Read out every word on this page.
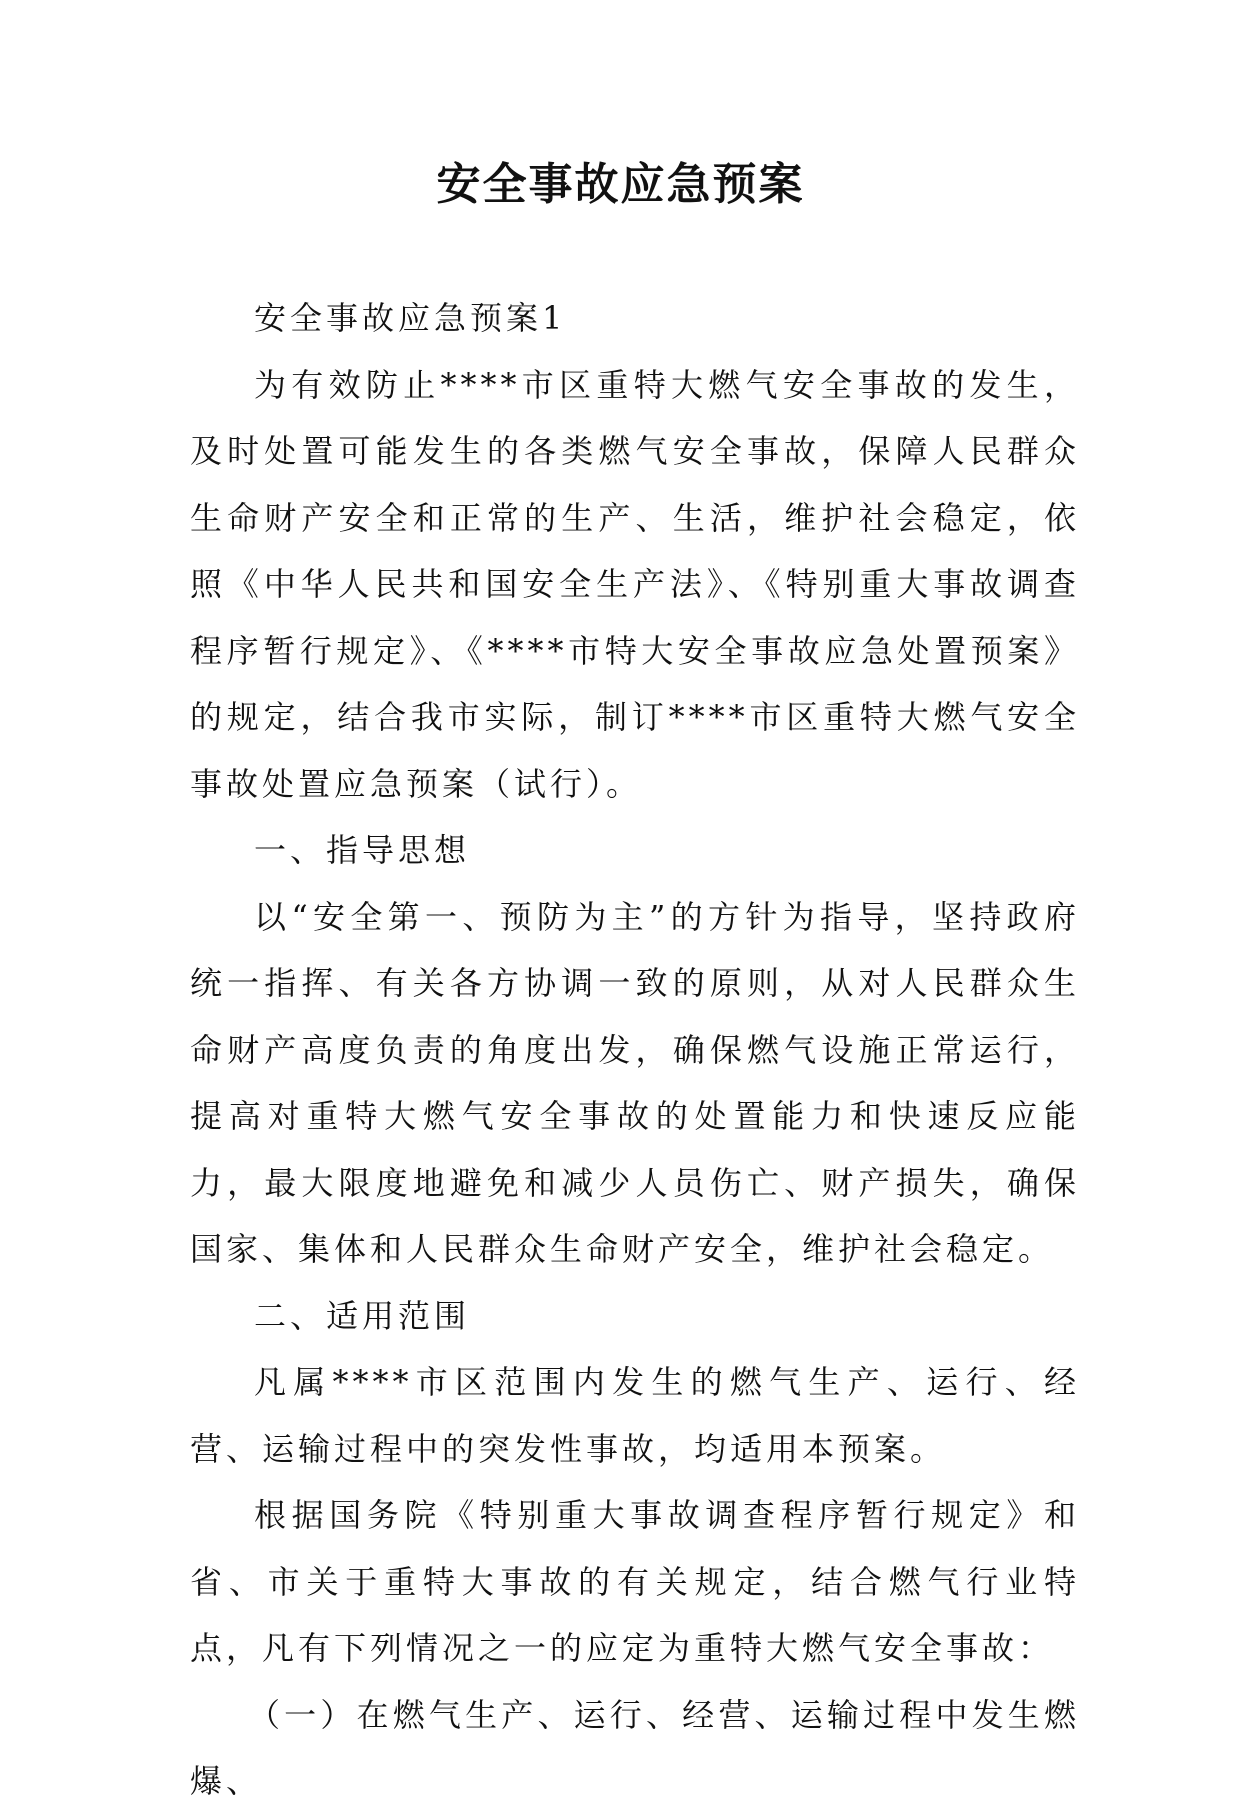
安全事故应急预案

安全事故应急预案1

为有效防止****市区重特大燃气安全事故的发生，及时处置可能发生的各类燃气安全事故，保障人民群众生命财产安全和正常的生产、生活，维护社会稳定，依照《中华人民共和国安全生产法》、《特别重大事故调查程序暂行规定》、《****市特大安全事故应急处置预案》的规定，结合我市实际，制订****市区重特大燃气安全事故处置应急预案（试行）。

一、指导思想

以“安全第一、预防为主”的方针为指导，坚持政府统一指挥、有关各方协调一致的原则，从对人民群众生命财产高度负责的角度出发，确保燃气设施正常运行，提高对重特大燃气安全事故的处置能力和快速反应能力，最大限度地避免和减少人员伤亡、财产损失，确保国家、集体和人民群众生命财产安全，维护社会稳定。

二、适用范围

凡属****市区范围内发生的燃气生产、运行、经营、运输过程中的突发性事故，均适用本预案。

根据国务院《特别重大事故调查程序暂行规定》和省、市关于重特大事故的有关规定，结合燃气行业特点，凡有下列情况之一的应定为重特大燃气安全事故：

（一）在燃气生产、运行、经营、运输过程中发生燃爆、
